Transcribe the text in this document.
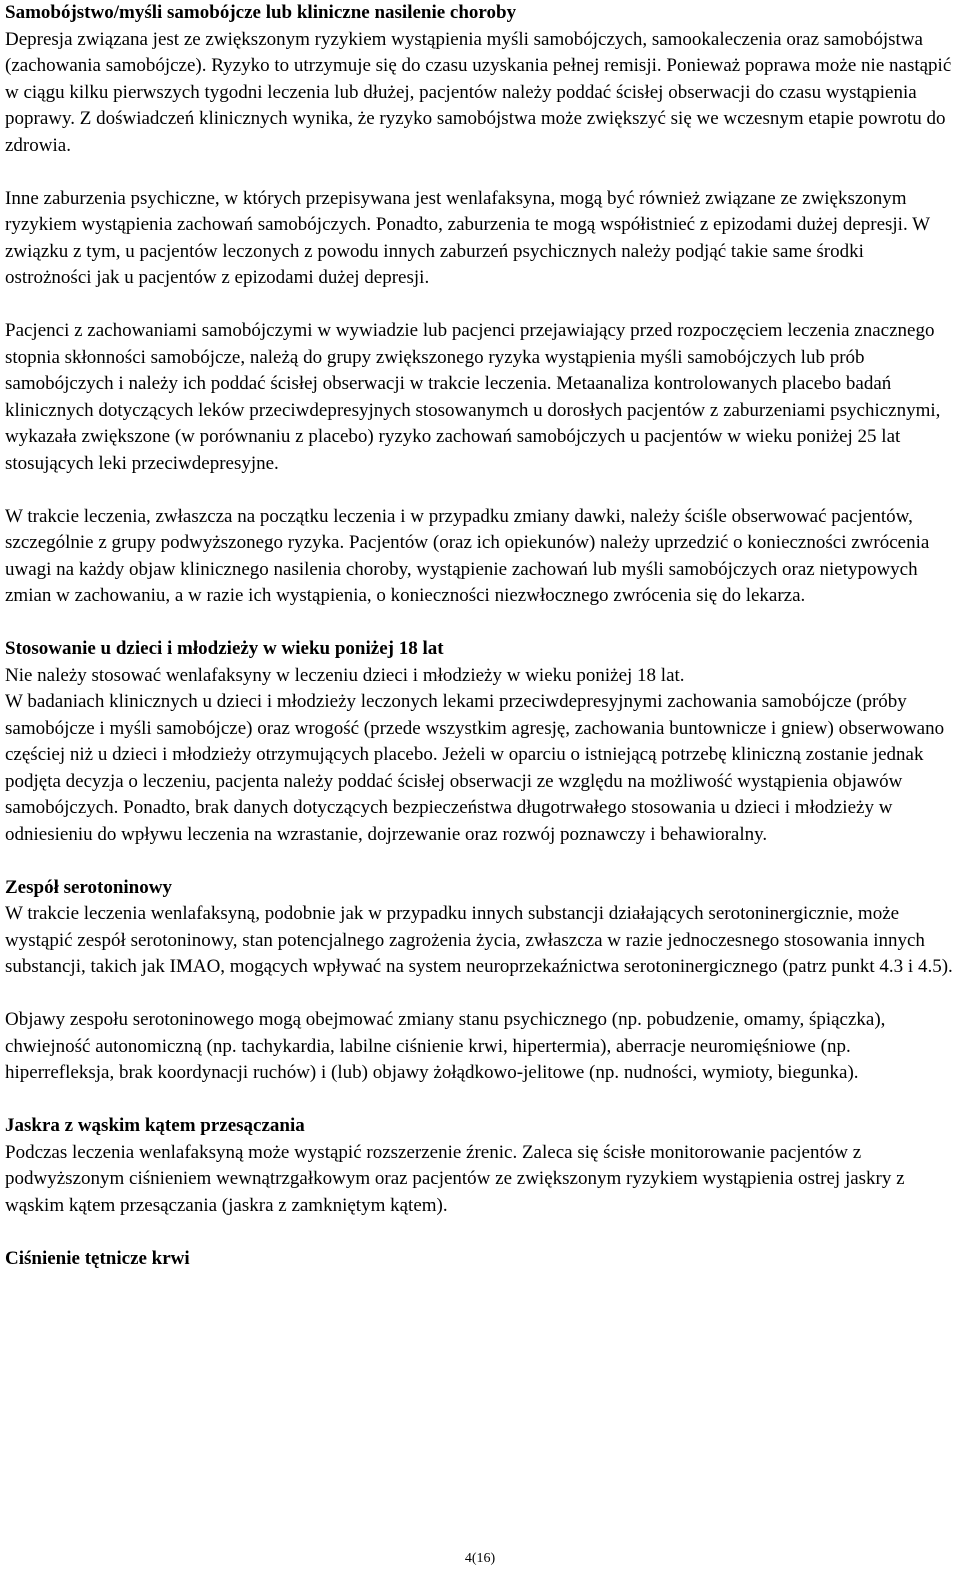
Samobójstwo/myśli samobójcze lub kliniczne nasilenie choroby

Depresja związana jest ze zwiększonym ryzykiem wystąpienia myśli samobójczych, samookaleczenia oraz samobójstwa (zachowania samobójcze). Ryzyko to utrzymuje się do czasu uzyskania pełnej remisji. Ponieważ poprawa może nie nastąpić w ciągu kilku pierwszych tygodni leczenia lub dłużej, pacjentów należy poddać ścisłej obserwacji do czasu wystąpienia poprawy. Z doświadczeń klinicznych wynika, że ryzyko samobójstwa może zwiększyć się we wczesnym etapie powrotu do zdrowia.

Inne zaburzenia psychiczne, w których przepisywana jest wenlafaksyna, mogą być również związane ze zwiększonym ryzykiem wystąpienia zachowań samobójczych. Ponadto, zaburzenia te mogą współistnieć z epizodami dużej depresji. W związku z tym, u pacjentów leczonych z powodu innych zaburzeń psychicznych należy podjąć takie same środki ostrożności jak u pacjentów z epizodami dużej depresji.

Pacjenci z zachowaniami samobójczymi w wywiadzie lub pacjenci przejawiający przed rozpoczęciem leczenia znacznego stopnia skłonności samobójcze, należą do grupy zwiększonego ryzyka wystąpienia myśli samobójczych lub prób samobójczych i należy ich poddać ścisłej obserwacji w trakcie leczenia. Metaanaliza kontrolowanych placebo badań klinicznych dotyczących leków przeciwdepresyjnych stosowanymch u dorosłych pacjentów z zaburzeniami psychicznymi, wykazała zwiększone (w porównaniu z placebo) ryzyko zachowań samobójczych u pacjentów w wieku poniżej 25 lat stosujących leki przeciwdepresyjne.

W trakcie leczenia, zwłaszcza na początku leczenia i w przypadku zmiany dawki, należy ściśle obserwować pacjentów, szczególnie z grupy podwyższonego ryzyka. Pacjentów (oraz ich opiekunów) należy uprzedzić o konieczności zwrócenia uwagi na każdy objaw klinicznego nasilenia choroby, wystąpienie zachowań lub myśli samobójczych oraz nietypowych zmian w zachowaniu, a w razie ich wystąpienia, o konieczności niezwłocznego zwrócenia się do lekarza.

Stosowanie u dzieci i młodzieży w wieku poniżej 18 lat

Nie należy stosować wenlafaksyny w leczeniu dzieci i młodzieży w wieku poniżej 18 lat.

W badaniach klinicznych u dzieci i młodzieży leczonych lekami przeciwdepresyjnymi zachowania samobójcze (próby samobójcze i myśli samobójcze) oraz wrogość (przede wszystkim agresję, zachowania buntownicze i gniew) obserwowano częściej niż u dzieci i młodzieży otrzymujących placebo. Jeżeli w oparciu o istniejącą potrzebę kliniczną zostanie jednak podjęta decyzja o leczeniu, pacjenta należy poddać ścisłej obserwacji ze względu na możliwość wystąpienia objawów samobójczych. Ponadto, brak danych dotyczących bezpieczeństwa długotrwałego stosowania u dzieci i młodzieży w odniesieniu do wpływu leczenia na wzrastanie, dojrzewanie oraz rozwój poznawczy i behawioralny.

Zespół serotoninowy

W trakcie leczenia wenlafaksyną, podobnie jak w przypadku innych substancji działających serotoninergicznie, może wystąpić zespół serotoninowy, stan potencjalnego zagrożenia życia, zwłaszcza w razie jednoczesnego stosowania innych substancji, takich jak IMAO, mogących wpływać na system neuroprzekaźnictwa serotoninergicznego (patrz punkt 4.3 i 4.5).

Objawy zespołu serotoninowego mogą obejmować zmiany stanu psychicznego (np. pobudzenie, omamy, śpiączka), chwiejność autonomiczną (np. tachykardia, labilne ciśnienie krwi, hipertermia), aberracje neuromięśniowe (np. hiperrefleksja, brak koordynacji ruchów) i (lub) objawy żołądkowo-jelitowe (np. nudności, wymioty, biegunka).

Jaskra z wąskim kątem przesączania

Podczas leczenia wenlafaksyną może wystąpić rozszerzenie źrenic. Zaleca się ścisłe monitorowanie pacjentów z podwyższonym ciśnieniem wewnątrzgałkowym oraz pacjentów ze zwiększonym ryzykiem wystąpienia ostrej jaskry z wąskim kątem przesączania (jaskra z zamkniętym kątem).

Ciśnienie tętnicze krwi
4(16)
